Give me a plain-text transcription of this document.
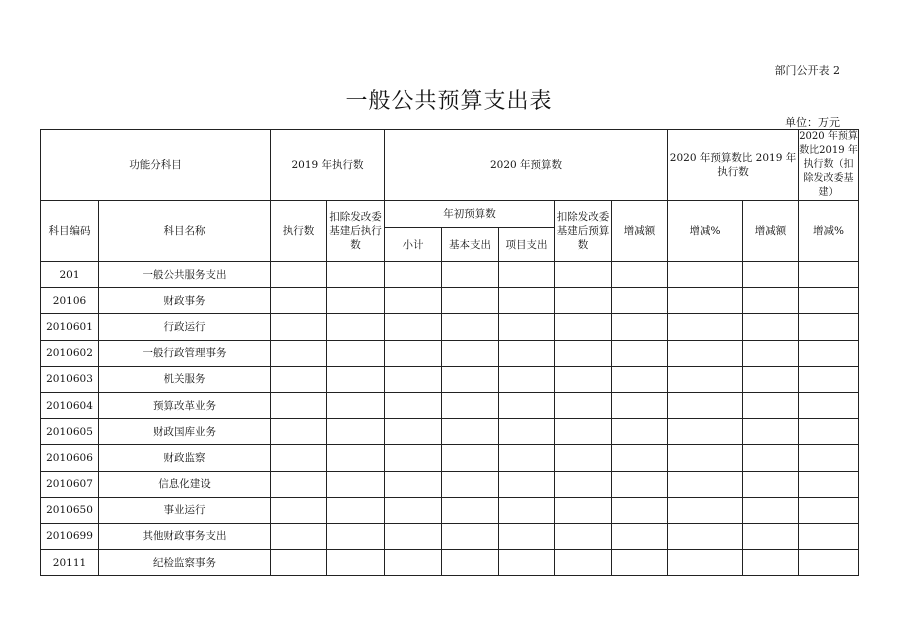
部门公开表 2
一般公共预算支出表
单位：万元
功能分科目		2019 年执行数		2020 年预算数					2020 年预算数比 2019 年执行数		2020 年预算数比2019 年执行数（扣除发改委基建）
科目编码	科目名称	执行数	扣除发改委基建后执行数	年初预算数			扣除发改委基建后预算数	增减额	增减%	增减额	增减%
				小计	基本支出	项目支出					
201	一般公共服务支出										
20106	财政事务										
2010601	行政运行										
2010602	一般行政管理事务										
2010603	机关服务										
2010604	预算改革业务										
2010605	财政国库业务										
2010606	财政监察										
2010607	信息化建设										
2010650	事业运行										
2010699	其他财政事务支出										
20111	纪检监察事务										
